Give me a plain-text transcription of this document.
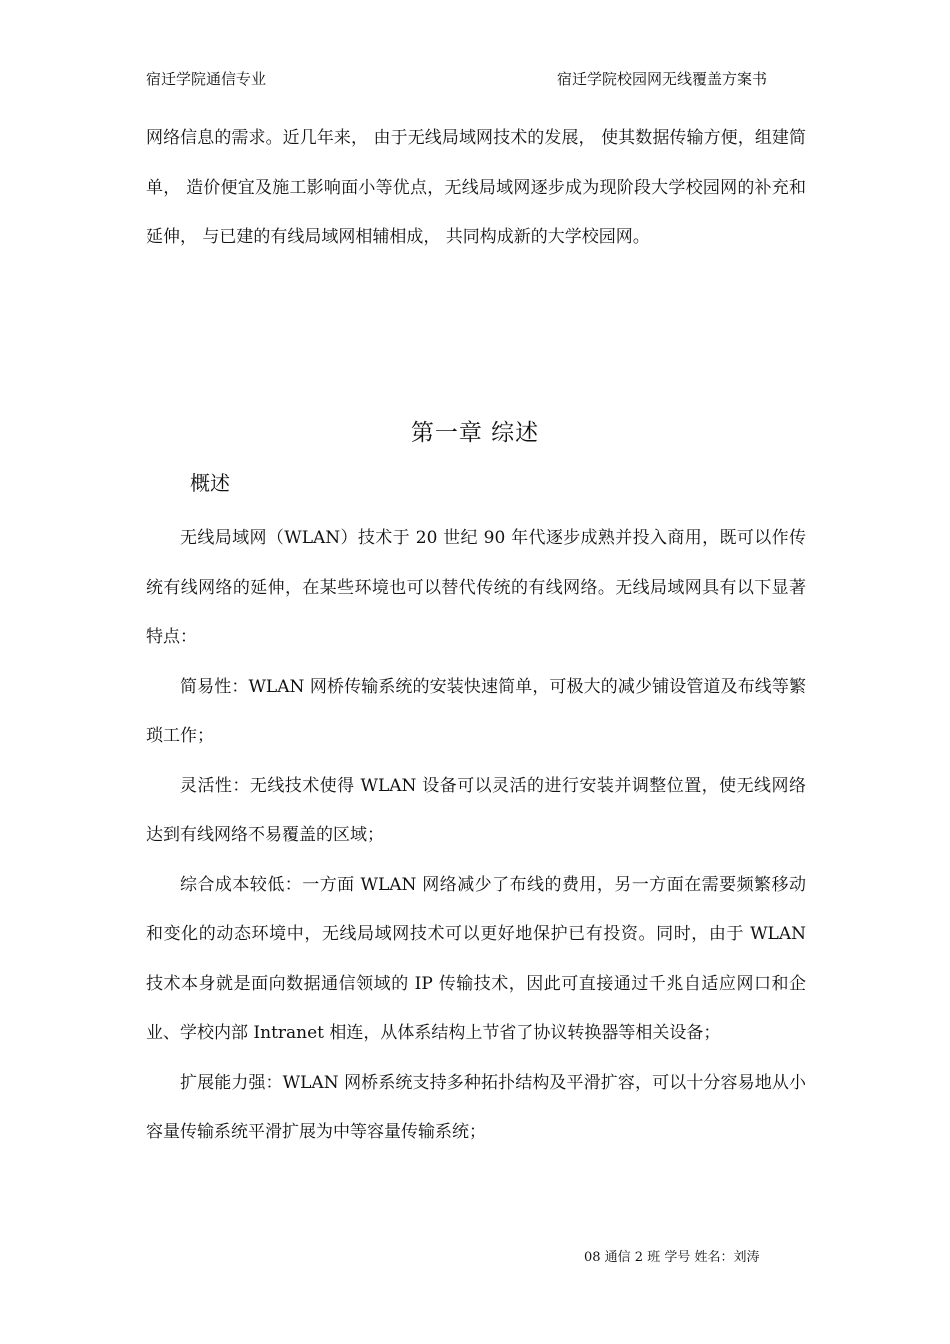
宿迁学院通信专业	宿迁学院校园网无线覆盖方案书

网络信息的需求。近几年来， 由于无线局域网技术的发展， 使其数据传输方便，组建简单， 造价便宜及施工影响面小等优点，无线局域网逐步成为现阶段大学校园网的补充和延伸， 与已建的有线局域网相辅相成， 共同构成新的大学校园网。

第一章 综述
概述

无线局域网（WLAN）技术于 20 世纪 90 年代逐步成熟并投入商用，既可以作传统有线网络的延伸，在某些环境也可以替代传统的有线网络。无线局域网具有以下显著特点：

简易性：WLAN 网桥传输系统的安装快速简单，可极大的减少铺设管道及布线等繁琐工作；

灵活性：无线技术使得 WLAN 设备可以灵活的进行安装并调整位置，使无线网络达到有线网络不易覆盖的区域；

综合成本较低：一方面 WLAN 网络减少了布线的费用，另一方面在需要频繁移动和变化的动态环境中，无线局域网技术可以更好地保护已有投资。同时，由于 WLAN 技术本身就是面向数据通信领域的 IP 传输技术，因此可直接通过千兆自适应网口和企业、学校内部 Intranet 相连，从体系结构上节省了协议转换器等相关设备；

扩展能力强：WLAN 网桥系统支持多种拓扑结构及平滑扩容，可以十分容易地从小容量传输系统平滑扩展为中等容量传输系统；

08 通信 2 班 学号 姓名：刘涛
